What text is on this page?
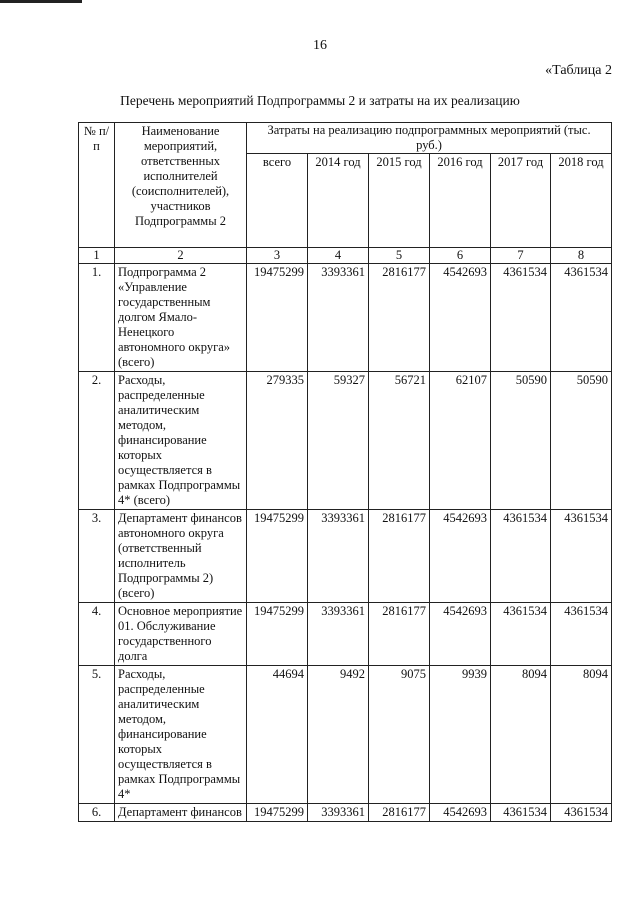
16
«Таблица 2
Перечень мероприятий Подпрограммы 2 и затраты на их реализацию
№ п/п	Наименование мероприятий, ответственных исполнителей (соисполнителей), участников Подпрограммы 2	Затраты на реализацию подпрограммных мероприятий (тыс. руб.)					
		всего	2014 год	2015 год	2016 год	2017 год	2018 год
1	2	3	4	5	6	7	8
1.	Подпрограмма 2 «Управление государственным долгом Ямало-Ненецкого автономного округа» (всего)	19475299	3393361	2816177	4542693	4361534	4361534
2.	Расходы, распределенные аналитическим методом, финансирование которых осуществляется в рамках Подпрограммы 4* (всего)	279335	59327	56721	62107	50590	50590
3.	Департамент финансов автономного округа (ответственный исполнитель Подпрограммы 2) (всего)	19475299	3393361	2816177	4542693	4361534	4361534
4.	Основное мероприятие 01. Обслуживание государственного долга	19475299	3393361	2816177	4542693	4361534	4361534
5.	Расходы, распределенные аналитическим методом, финансирование которых осуществляется в рамках Подпрограммы 4*	44694	9492	9075	9939	8094	8094
6.	Департамент финансов	19475299	3393361	2816177	4542693	4361534	4361534
